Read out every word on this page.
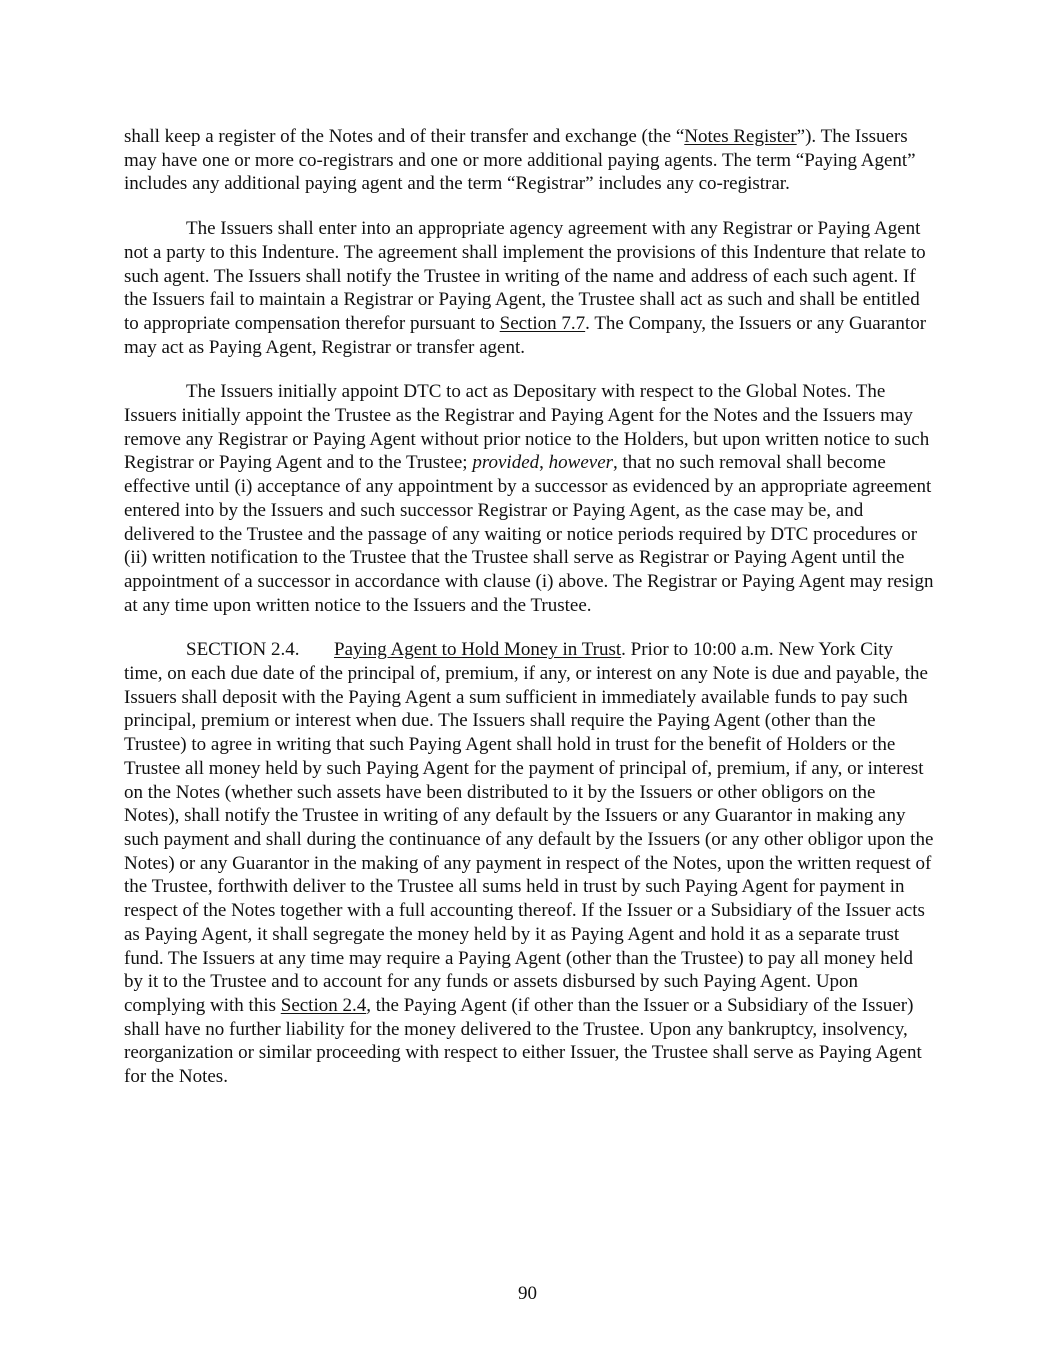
shall keep a register of the Notes and of their transfer and exchange (the “Notes Register”). The Issuers may have one or more co-registrars and one or more additional paying agents. The term “Paying Agent” includes any additional paying agent and the term “Registrar” includes any co-registrar.

The Issuers shall enter into an appropriate agency agreement with any Registrar or Paying Agent not a party to this Indenture. The agreement shall implement the provisions of this Indenture that relate to such agent. The Issuers shall notify the Trustee in writing of the name and address of each such agent. If the Issuers fail to maintain a Registrar or Paying Agent, the Trustee shall act as such and shall be entitled to appropriate compensation therefor pursuant to Section 7.7. The Company, the Issuers or any Guarantor may act as Paying Agent, Registrar or transfer agent.

The Issuers initially appoint DTC to act as Depositary with respect to the Global Notes. The Issuers initially appoint the Trustee as the Registrar and Paying Agent for the Notes and the Issuers may remove any Registrar or Paying Agent without prior notice to the Holders, but upon written notice to such Registrar or Paying Agent and to the Trustee; provided, however, that no such removal shall become effective until (i) acceptance of any appointment by a successor as evidenced by an appropriate agreement entered into by the Issuers and such successor Registrar or Paying Agent, as the case may be, and delivered to the Trustee and the passage of any waiting or notice periods required by DTC procedures or (ii) written notification to the Trustee that the Trustee shall serve as Registrar or Paying Agent until the appointment of a successor in accordance with clause (i) above. The Registrar or Paying Agent may resign at any time upon written notice to the Issuers and the Trustee.

SECTION 2.4. Paying Agent to Hold Money in Trust. Prior to 10:00 a.m. New York City time, on each due date of the principal of, premium, if any, or interest on any Note is due and payable, the Issuers shall deposit with the Paying Agent a sum sufficient in immediately available funds to pay such principal, premium or interest when due. The Issuers shall require the Paying Agent (other than the Trustee) to agree in writing that such Paying Agent shall hold in trust for the benefit of Holders or the Trustee all money held by such Paying Agent for the payment of principal of, premium, if any, or interest on the Notes (whether such assets have been distributed to it by the Issuers or other obligors on the Notes), shall notify the Trustee in writing of any default by the Issuers or any Guarantor in making any such payment and shall during the continuance of any default by the Issuers (or any other obligor upon the Notes) or any Guarantor in the making of any payment in respect of the Notes, upon the written request of the Trustee, forthwith deliver to the Trustee all sums held in trust by such Paying Agent for payment in respect of the Notes together with a full accounting thereof. If the Issuer or a Subsidiary of the Issuer acts as Paying Agent, it shall segregate the money held by it as Paying Agent and hold it as a separate trust fund. The Issuers at any time may require a Paying Agent (other than the Trustee) to pay all money held by it to the Trustee and to account for any funds or assets disbursed by such Paying Agent. Upon complying with this Section 2.4, the Paying Agent (if other than the Issuer or a Subsidiary of the Issuer) shall have no further liability for the money delivered to the Trustee. Upon any bankruptcy, insolvency, reorganization or similar proceeding with respect to either Issuer, the Trustee shall serve as Paying Agent for the Notes.

90
